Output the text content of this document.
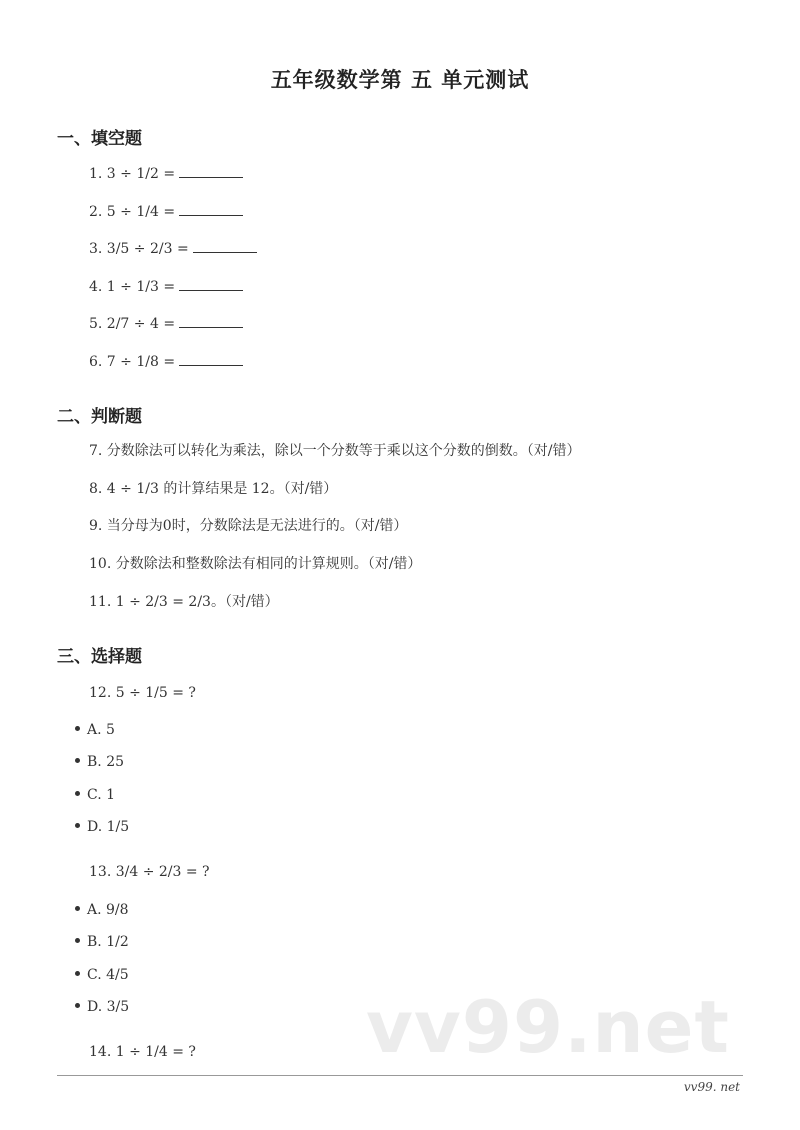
五年级数学第 五 单元测试
一、填空题
1. 3 ÷ 1/2 =
2. 5 ÷ 1/4 =
3. 3/5 ÷ 2/3 =
4. 1 ÷ 1/3 =
5. 2/7 ÷ 4 =
6. 7 ÷ 1/8 =
二、判断题
7. 分数除法可以转化为乘法，除以一个分数等于乘以这个分数的倒数。（对/错）
8. 4 ÷ 1/3 的计算结果是 12。（对/错）
9. 当分母为0时，分数除法是无法进行的。（对/错）
10. 分数除法和整数除法有相同的计算规则。（对/错）
11. 1 ÷ 2/3 = 2/3。（对/错）
三、选择题
12. 5 ÷ 1/5 = ?
A. 5
B. 25
C. 1
D. 1/5
13. 3/4 ÷ 2/3 = ?
A. 9/8
B. 1/2
C. 4/5
D. 3/5	vv99.net
14. 1 ÷ 1/4 = ?
vv99. net
